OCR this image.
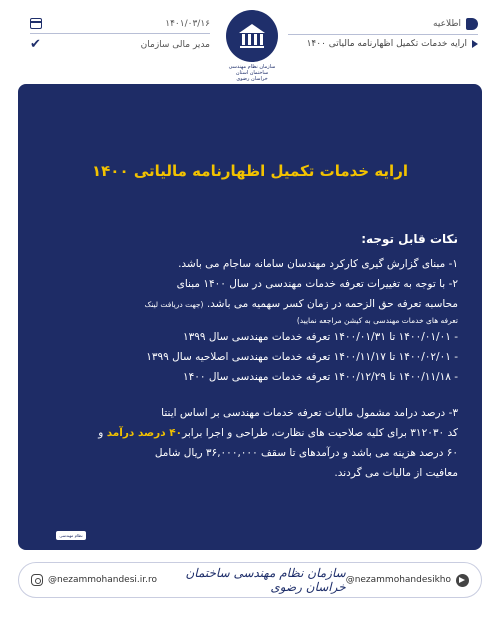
۱۴۰۱/۰۳/۱۶
✔	مدیر مالی سازمان
سازمان نظام مهندسی ساختمان استان خراسان رضوی
اطلاعیه
ارایه خدمات تکمیل اظهارنامه مالیاتی ۱۴۰۰
ارایه خدمات تکمیل اظهارنامه مالیاتی ۱۴۰۰
نکات قابل توجه:

۱- مبنای گزارش گیری کارکرد مهندسان سامانه ساجام می باشد.

۲- با توجه به تغییرات تعرفه خدمات مهندسی در سال ۱۴۰۰ مبنای

محاسبه تعرفه حق الزحمه در زمان کسر سهمیه می باشد. (جهت دریافت لینک

تعرفه های خدمات مهندسی به کیشن مراجعه نمایید)

- ۱۴۰۰/۰۱/۰۱ تا ۱۴۰۰/۰۱/۳۱ تعرفه خدمات مهندسی سال ۱۳۹۹

- ۱۴۰۰/۰۲/۰۱ تا ۱۴۰۰/۱۱/۱۷ تعرفه خدمات مهندسی اصلاحیه سال ۱۳۹۹

- ۱۴۰۰/۱۱/۱۸ تا ۱۴۰۰/۱۲/۲۹ تعرفه خدمات مهندسی سال ۱۴۰۰

۳- درصد درامد مشمول مالیات تعرفه خدمات مهندسی بر اساس اینتا

کد ۳۱۲۰۳۰ برای کلیه صلاحیت های نظارت، طراحی و اجرا برابر۴۰ درصد درآمد و

۶۰ درصد هزینه می باشد و درآمدهای تا سقف ۳۶,۰۰۰,۰۰۰ ریال شامل

معافیت از مالیات می گردند.

نظام مهندسی
@nezammohandesi.ir.ro	سازمان نظام مهندسی ساختمان خراسان رضوی @nezammohandesikho
